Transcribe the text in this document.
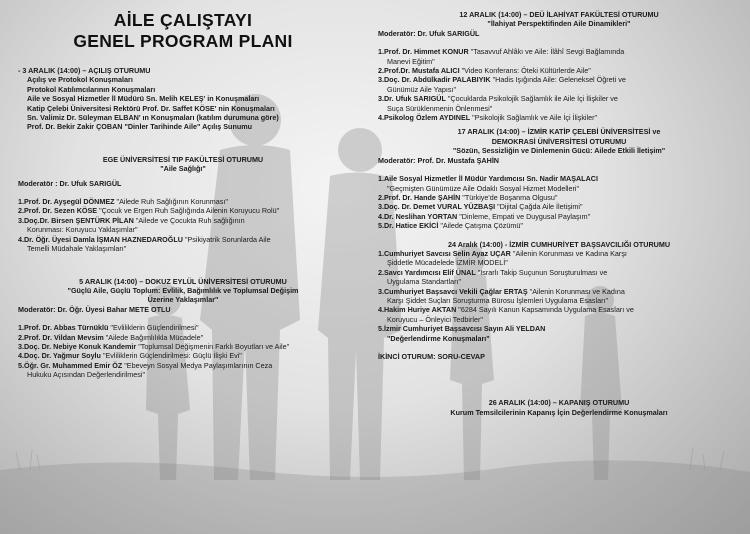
AİLE ÇALIŞTAYI
GENEL PROGRAM PLANI

- 3 ARALIK (14:00) – AÇILIŞ OTURUMU

Açılış ve Protokol Konuşmaları

Protokol Katılımcılarının Konuşmaları

Aile ve Sosyal Hizmetler İl Müdürü Sn. Melih KELEŞ' in Konuşmaları

Katip Çelebi Üniversitesi Rektörü Prof. Dr. Saffet KÖSE' nin Konuşmaları

Sn. Valimiz Dr. Süleyman ELBAN' ın Konuşmaları (katılım durumuna göre)

Prof. Dr. Bekir Zakir ÇOBAN "Dinler Tarihinde Aile" Açılış Sunumu

EGE ÜNİVERSİTESİ TIP FAKÜLTESİ OTURUMU

"Aile Sağlığı"

Moderatör : Dr. Ufuk SARIGÜL

1.Prof. Dr. Ayşegül DÖNMEZ "Ailede Ruh Sağlığının Korunması"

2.Prof. Dr. Sezen KÖSE "Çocuk ve Ergen Ruh Sağlığında Ailenin Koruyucu Rolü"

3.Doç.Dr. Birsen ŞENTÜRK PİLAN "Ailede ve Çocukta Ruh sağlığının

Korunması: Koruyucu Yaklaşımlar"

4.Dr. Öğr. Üyesi Damla İŞMAN HAZNEDAROĞLU "Psikiyatrik Sorunlarda Aile

Temelli Müdahale Yaklaşımları"

5 ARALIK (14:00) – DOKUZ EYLÜL ÜNİVERSİTESİ OTURUMU

"Güçlü Aile, Güçlü Toplum: Evlilik, Bağımlılık ve Toplumsal Değişim

Üzerine Yaklaşımlar"

Moderatör: Dr. Öğr. Üyesi Bahar METE OTLU

1.Prof. Dr. Abbas Türnüklü "Evliliklerin Güçlendirilmesi"

2.Prof. Dr. Vildan Mevsim "Ailede Bağımlılıkla Mücadele"

3.Doç. Dr. Nebiye Konuk Kandemir "Toplumsal Değişmenin Farklı Boyutları ve Aile"

4.Doç. Dr. Yağmur Soylu "Evliliklerin Güçlendirilmesi: Güçlü İlişki Evi"

5.Öğr. Gr. Muhammed Emir ÖZ "Ebeveyn Sosyal Medya Paylaşımlarının Ceza

Hukuku Açısından Değerlendirilmesi"

12 ARALIK (14:00) – DEÜ İLAHİYAT FAKÜLTESİ OTURUMU

"İlahiyat Perspektifinden Aile Dinamikleri"

Moderatör: Dr. Ufuk SARIGÜL

1.Prof. Dr. Himmet KONUR "Tasavvuf Ahlâkı ve Aile: İlâhî Sevgi Bağlamında

Manevi Eğitim"

2.Prof.Dr. Mustafa ALICI "Video Konferans: Öteki Kültürlerde Aile"

3.Doç. Dr. Abdülkadir PALABIYIK "Hadis Işığında Aile: Geleneksel Öğreti ve

Günümüz Aile Yapısı"

3.Dr. Ufuk SARIGÜL "Çocuklarda Psikolojik Sağlamlık ile Aile İçi İlişkiler ve

Suça Sürüklenmenin Önlenmesi"

4.Psikolog Özlem AYDINEL "Psikolojik Sağlamlık ve Aile İçi İlişkiler"

17 ARALIK (14:00) – İZMİR KATİP ÇELEBİ ÜNİVERSİTESİ ve

DEMOKRASİ ÜNİVERSİTESİ OTURUMU

"Sözün, Sessizliğin ve Dinlemenin Gücü: Ailede Etkili İletişim"

Moderatör: Prof. Dr. Mustafa ŞAHİN

1.Aile Sosyal Hizmetler İl Müdür Yardımcısı Sn. Nadir MAŞALACI

"Geçmişten Günümüze Aile Odaklı Sosyal Hizmet Modelleri"

2.Prof. Dr. Hande ŞAHİN "Türkiye'de Boşanma Olgusu"

3.Doç. Dr. Demet VURAL YÜZBAŞI "Dijital Çağda Aile İletişimi"

4.Dr. Neslihan YORTAN "Dinleme, Empati ve Duygusal Paylaşım"

5.Dr. Hatice EKİCİ "Ailede Çatışma Çözümü"

24 Aralık (14:00) - İZMİR CUMHURİYET BAŞSAVCILIĞI OTURUMU

1.Cumhuriyet Savcısı Selin Ayaz UÇAR "Ailenin Korunması ve Kadına Karşı

Şiddetle Mücadelede İZMİR MODELİ"

2.Savcı Yardımcısı Elif ÜNAL "Israrlı Takip Suçunun Soruşturulması ve

Uygulama Standartları"

3.Cumhuriyet Başsavcı Vekili Çağlar ERTAŞ "Ailenin Korunması ve Kadına

Karşı Şiddet Suçları Soruşturma Bürosu İşlemleri Uygulama Esasları"

4.Hakim Huriye AKTAN "6284 Sayılı Kanun Kapsamında Uygulama Esasları ve

Koruyucu – Önleyici Tedbirler"

5.İzmir Cumhuriyet Başsavcısı Sayın Ali YELDAN

"Değerlendirme Konuşmaları"

İKİNCİ OTURUM: SORU-CEVAP

26 ARALIK (14:00) – KAPANIŞ OTURUMU

Kurum Temsilcilerinin Kapanış İçin Değerlendirme Konuşmaları
